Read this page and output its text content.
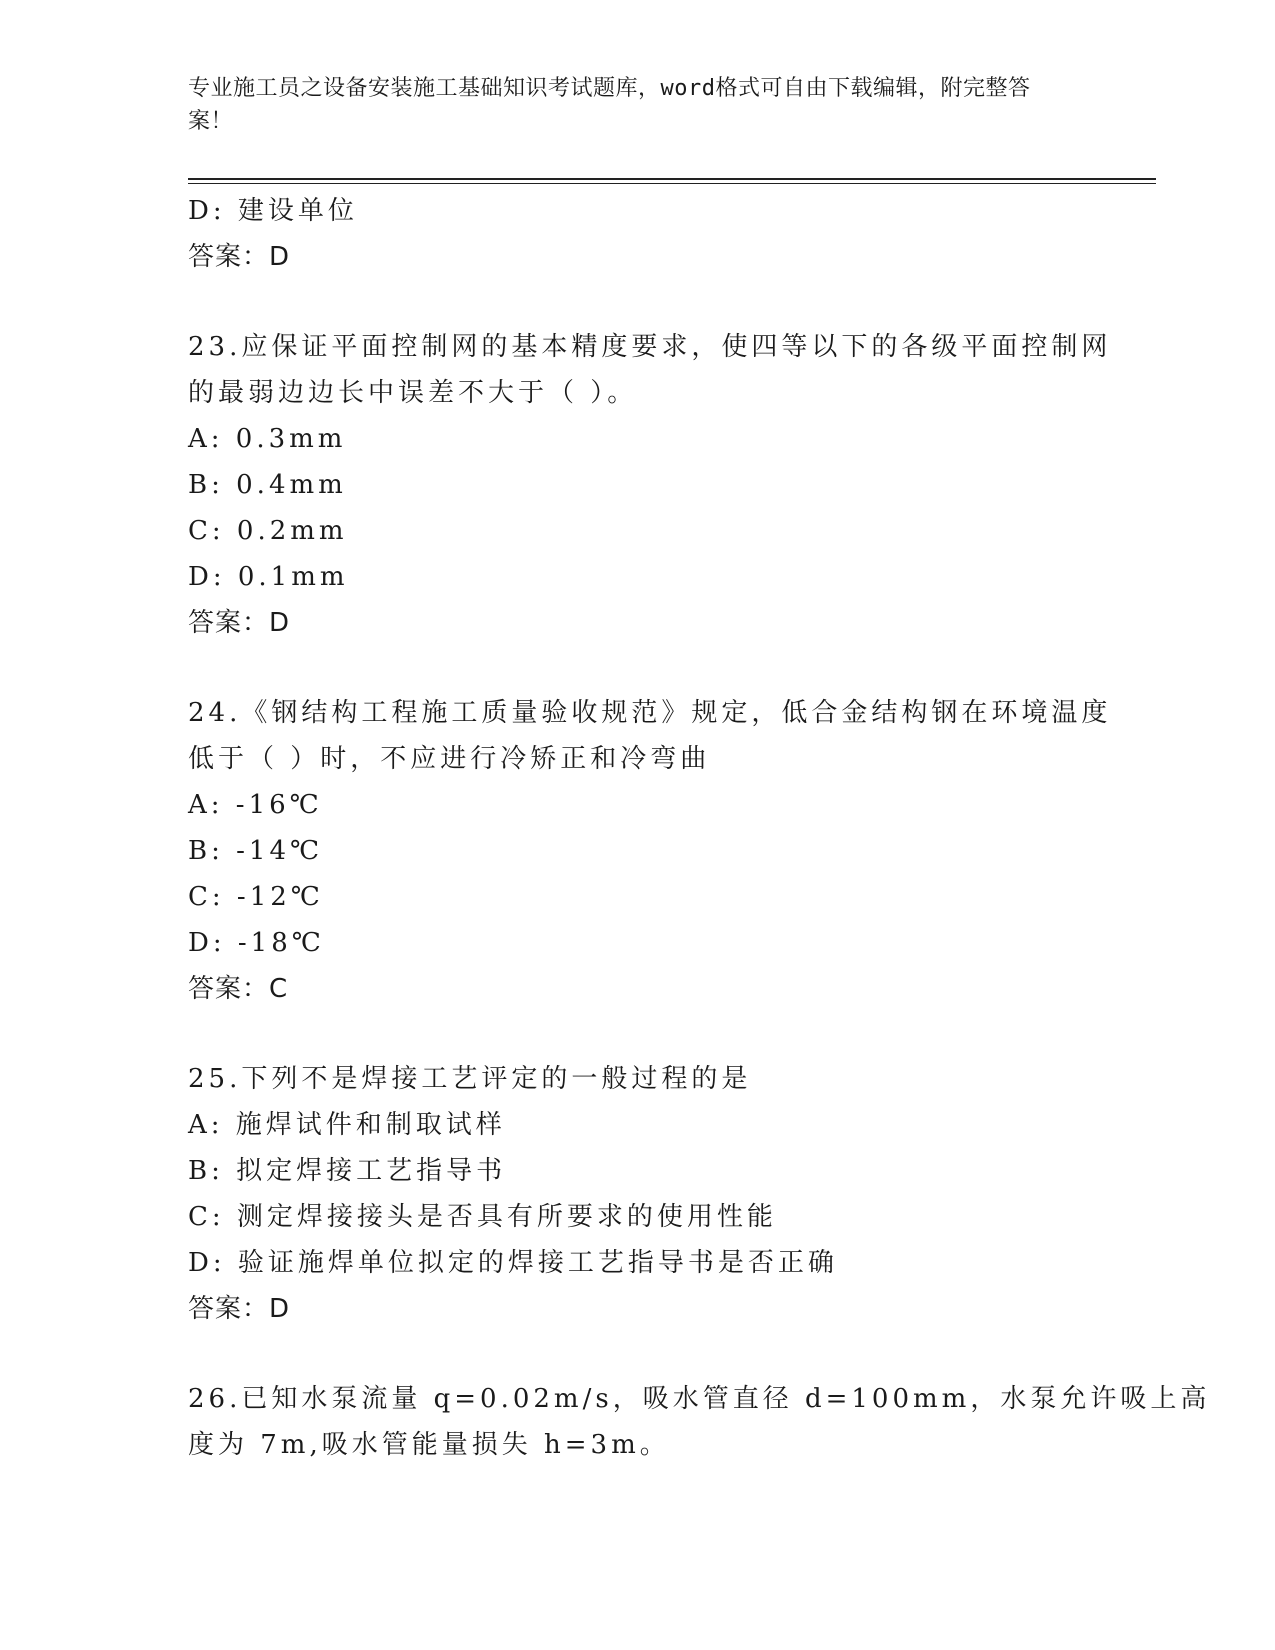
专业施工员之设备安装施工基础知识考试题库，word格式可自由下载编辑，附完整答案！
D: 建设单位
答案：D
23.应保证平面控制网的基本精度要求，使四等以下的各级平面控制网
的最弱边边长中误差不大于（ ）。
A: 0.3mm
B: 0.4mm
C: 0.2mm
D: 0.1mm
答案：D
24.《钢结构工程施工质量验收规范》规定，低合金结构钢在环境温度
低于（ ）时，不应进行冷矫正和冷弯曲
A: -16℃
B: -14℃
C: -12℃
D: -18℃
答案：C
25.下列不是焊接工艺评定的一般过程的是
A: 施焊试件和制取试样
B: 拟定焊接工艺指导书
C: 测定焊接接头是否具有所要求的使用性能
D: 验证施焊单位拟定的焊接工艺指导书是否正确
答案：D
26.已知水泵流量 q=0.02m/s，吸水管直径 d=100mm，水泵允许吸上高
度为 7m,吸水管能量损失 h=3m。
